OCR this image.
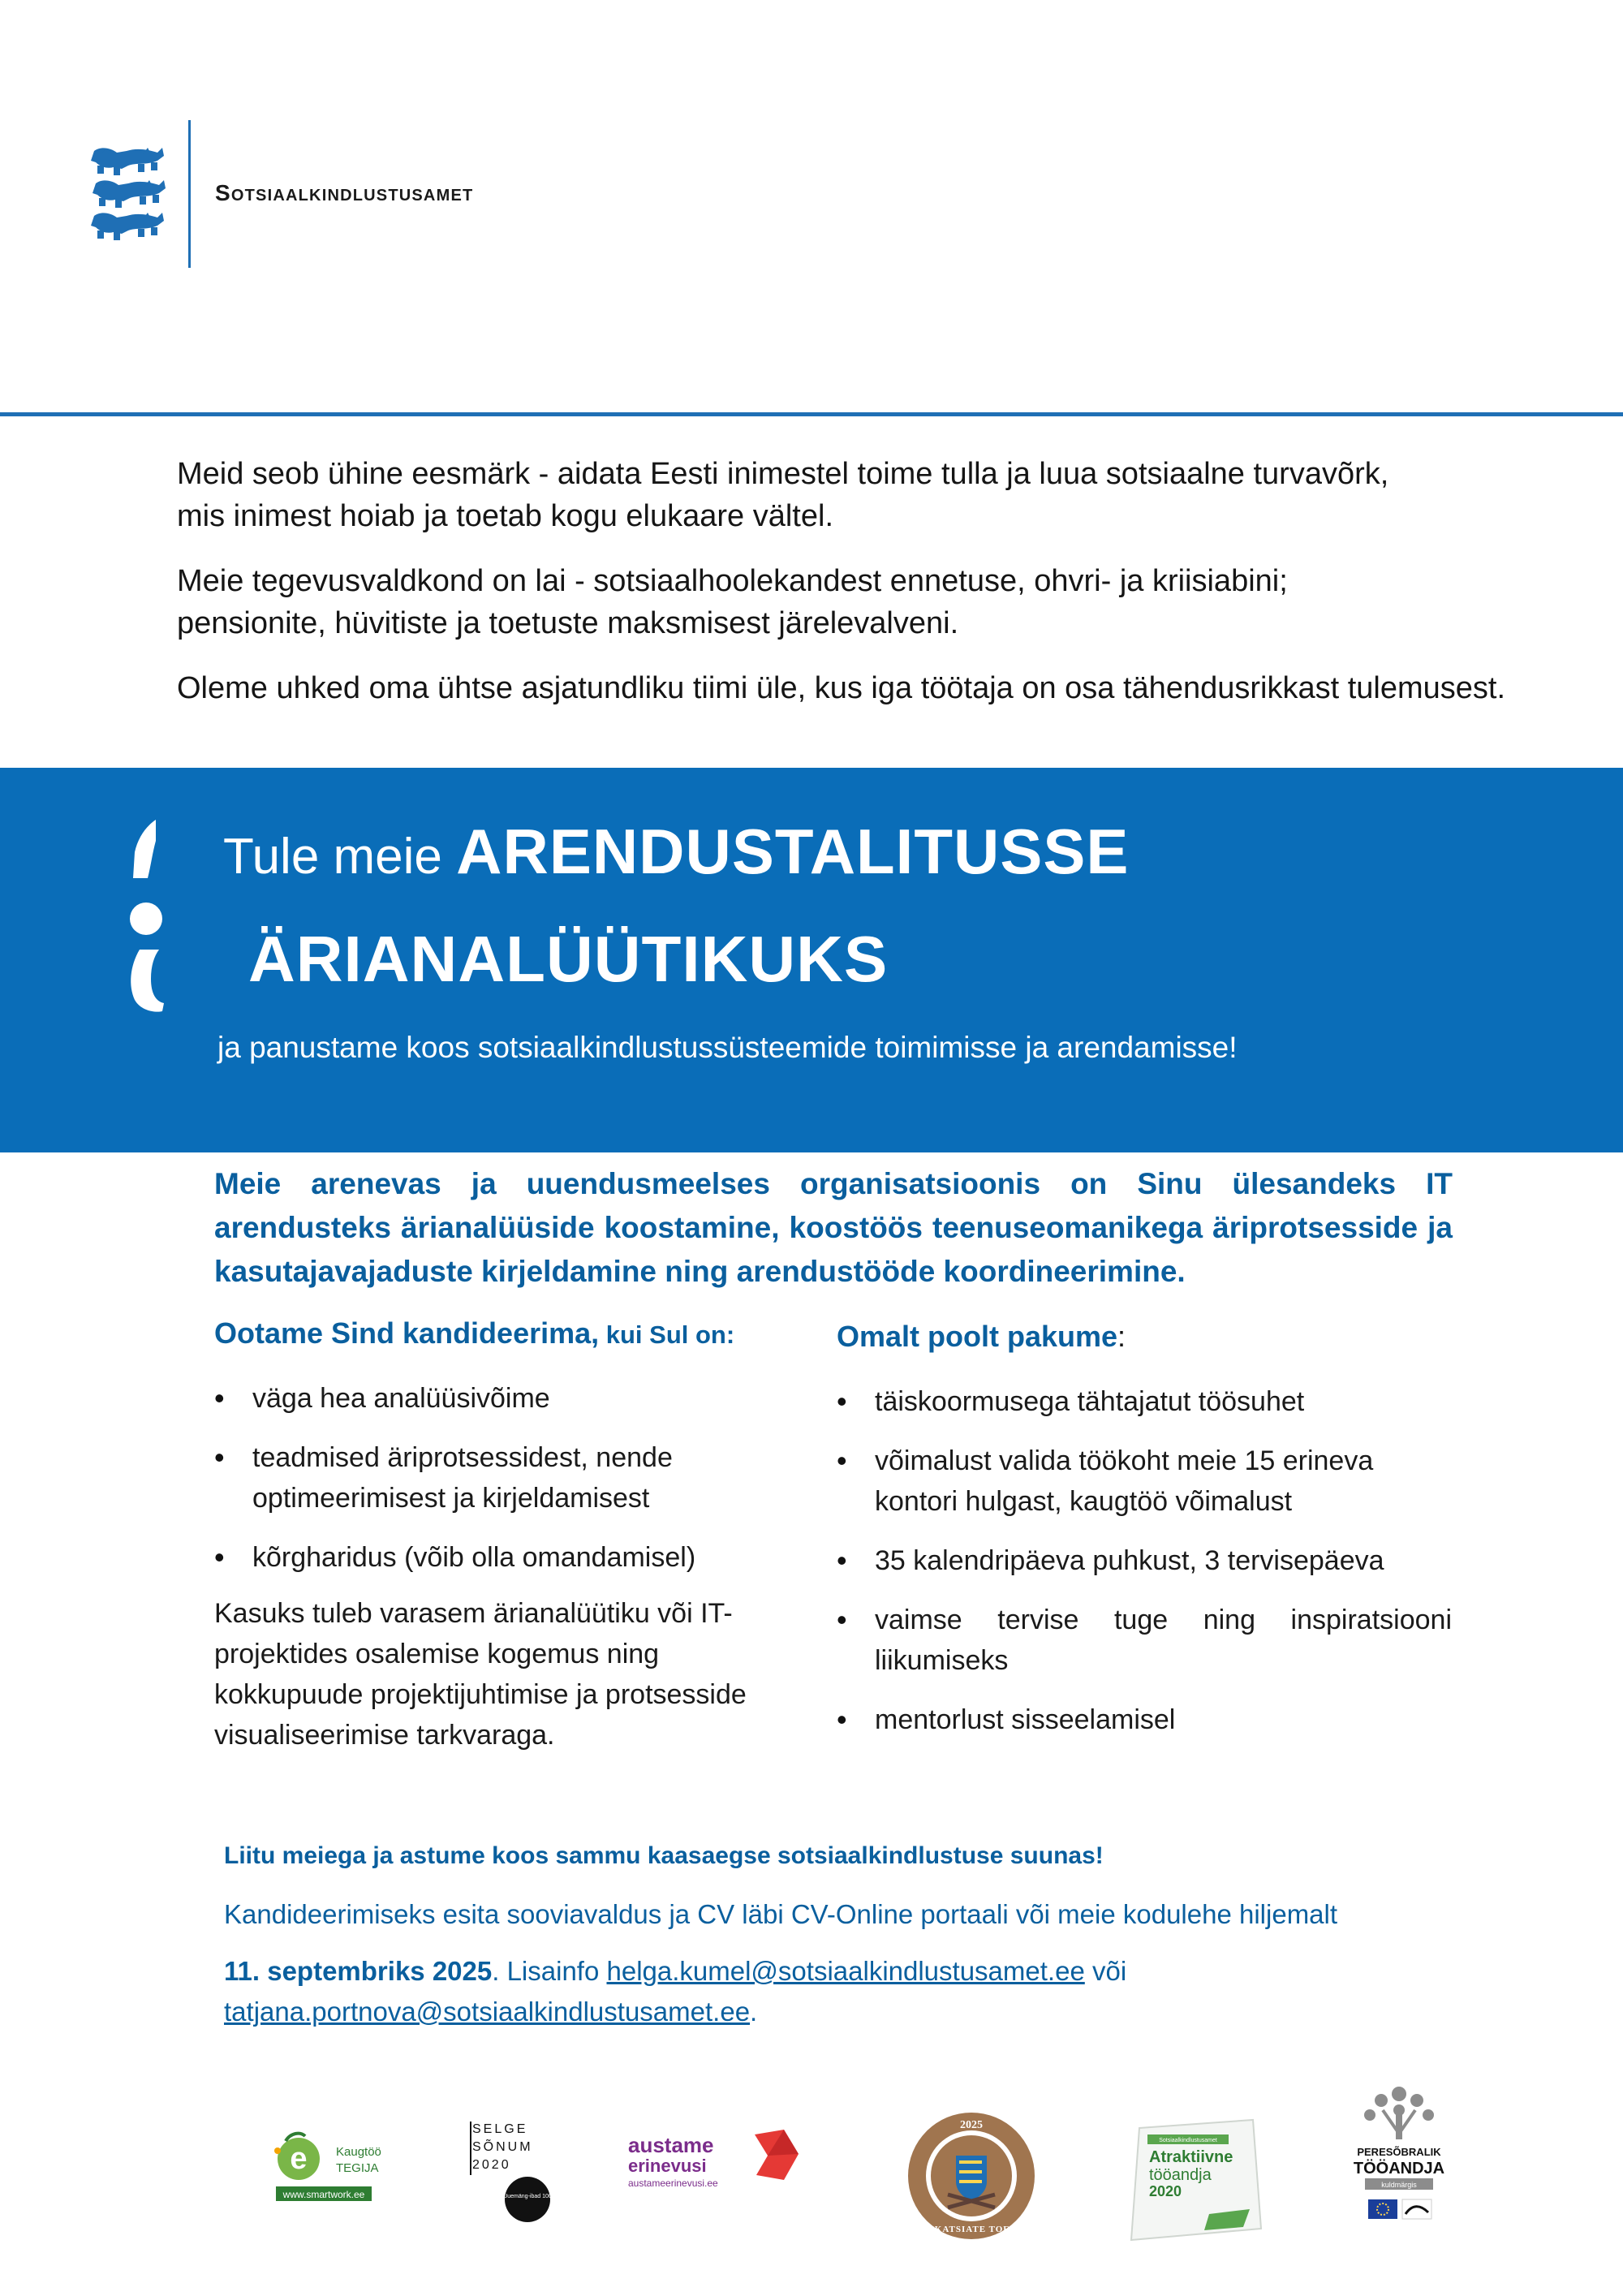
Sotsiaalkindlustusamet

Meid seob ühine eesmärk - aidata Eesti inimestel toime tulla ja luua sotsiaalne turvavõrk,
mis inimest hoiab ja toetab kogu elukaare vältel.

Meie tegevusvaldkond on lai - sotsiaalhoolekandest ennetuse, ohvri- ja kriisiabini;
pensionite, hüvitiste ja toetuste maksmisest järelevalveni.

Oleme uhked oma ühtse asjatundliku tiimi üle, kus iga töötaja on osa tähendusrikkast tulemusest.

Tule meie ARENDUSTALITUSSE
ÄRIANALÜÜTIKUKS
ja panustame koos sotsiaalkindlustussüsteemide toimimisse ja arendamisse!
Meie arenevas ja uuendusmeelses organisatsioonis on Sinu ülesandeks IT arendusteks ärianalüüside koostamine, koostöös teenuseomanikega äriprotsesside ja kasutajavajaduste kirjeldamine ning arendustööde koordineerimine.
Ootame Sind kandideerima, kui Sul on:
• väga hea analüüsivõime
• teadmised äriprotsessidest, nende optimeerimisest ja kirjeldamisest
• kõrgharidus (võib olla omandamisel)
Kasuks tuleb varasem ärianalüütiku või IT-projektides osalemise kogemus ning kokkupuude projektijuhtimise ja protsesside visualiseerimise tarkvaraga.
Omalt poolt pakume:
• täiskoormusega tähtajatut töösuhet
• võimalust valida töökoht meie 15 erineva kontori hulgast, kaugtöö võimalust
• 35 kalendripäeva puhkust, 3 tervisepäeva
• vaimse tervise tuge ning inspiratsiooni liikumiseks
• mentorlust sisseelamisel
Liitu meiega ja astume koos sammu kaasaegse sotsiaalkindlustuse suunas!
Kandideerimiseks esita sooviavaldus ja CV läbi CV-Online portaali või meie kodulehe hiljemalt
11. septembriks 2025. Lisainfo helga.kumel@sotsiaalkindlustusamet.ee või
tatjana.portnova@sotsiaalkindlustusamet.ee.
e Kaugtöö
TEGIJA
www.smartwork.ee
SELGE
SÕNUM
2020
Uuemäng-ibad 100
austame
erinevusi
austameerinevusi.ee
2025
RIIGIKATSIATE TOETAJA
Sotsiaalkindlustusamet
Atraktiivne
tööandja
2020
PERESÕBRALIK
TÖÖANDJA
kuldmärgis
